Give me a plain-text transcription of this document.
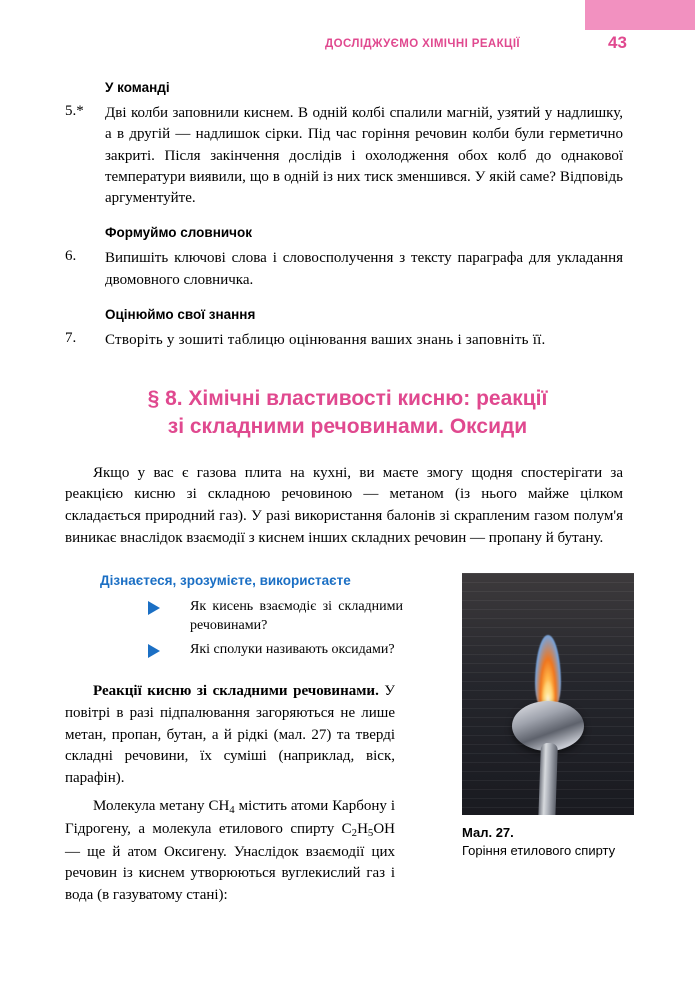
ДОСЛІДЖУЄМО ХІМІЧНІ РЕАКЦІЇ	43
У команді
5.* Дві колби заповнили киснем. В одній колбі спалили магній, узятий у надлишку, а в другій — надлишок сірки. Під час горіння речовин колби були герметично закриті. Після закінчення дослідів і охолодження обох колб до однакової температури виявили, що в одній із них тиск зменшився. У якій саме? Відповідь аргументуйте.
Формуймо словничок
6. Випишіть ключові слова і словосполучення з тексту параграфа для укладання двомовного словничка.
Оцінюймо свої знання
7. Створіть у зошиті таблицю оцінювання ваших знань і заповніть її.
§ 8. Хімічні властивості кисню: реакції
зі складними речовинами. Оксиди
Якщо у вас є газова плита на кухні, ви маєте змогу щодня спостерігати за реакцією кисню зі складною речовиною — метаном (із нього майже цілком складається природний газ). У разі використання балонів зі скрапленим газом полум'я виникає внаслідок взаємодії з киснем інших складних речовин — пропану й бутану.
Дізнаєтеся, зрозумієте, використаєте
Як кисень взаємодіє зі складними речовинами?
Які сполуки називають оксидами?

Реакції кисню зі складними речовинами. У повітрі в разі підпалювання загоряються не лише метан, пропан, бутан, а й рідкі (мал. 27) та тверді складні речовини, їх суміші (наприклад, віск, парафін).

Молекула метану $CH_4$ містить атоми Карбону і Гідрогену, а молекула етилового спирту $C_2H_5OH$ — ще й атом Оксигену. Унаслідок взаємодії цих речовин із киснем утворюються вуглекислий газ і вода (в газуватому стані):

Мал. 27.
Горіння етилового спирту
